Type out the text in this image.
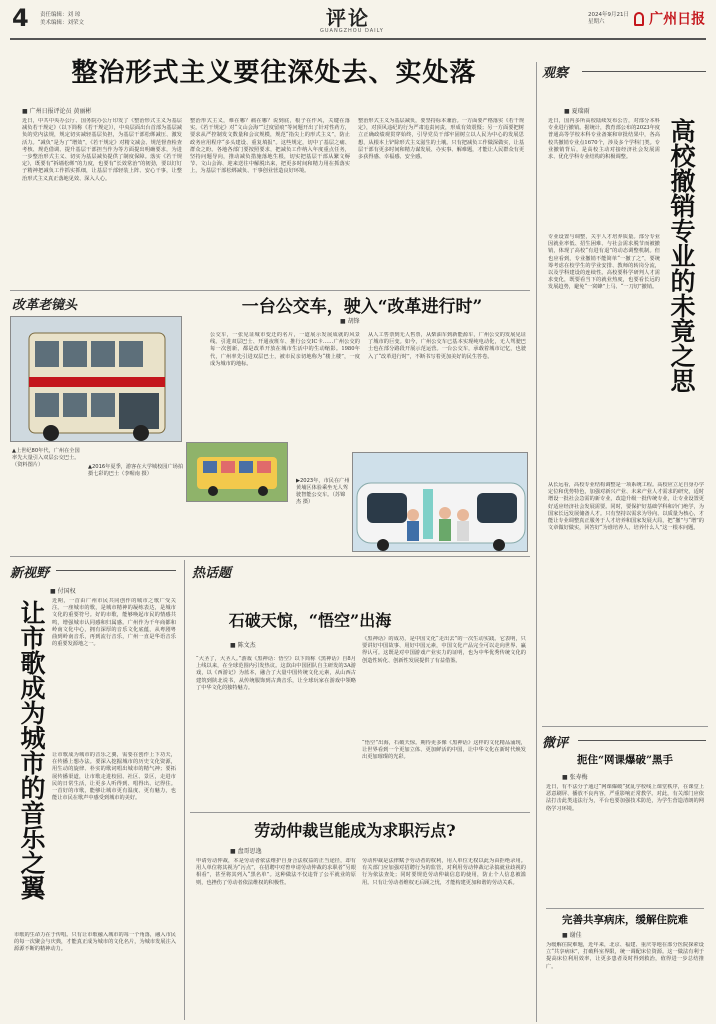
4 责任编辑：刘 琼
美术编辑：刘荣文	评论
GUANGZHOU DAILY
2024年9月21日 星期六	广州日报
整治形式主义要往深处去、实处落
■ 广州日报评论员 黄丽彬
近日，中共中央办公厅、国务院办公厅印发了《整治形式主义为基层减负若干规定》（以下简称《若干规定》），中央层面出台首部为基层减负的党内法规，规定切实减轻基层负担，为基层干部松绑减压、激发活力。“减负”是为了“增效”，《若干规定》对精文减会、规范督查检查考核、规范借调、提升基层干部担当作为等方面提出明确要求，为进一步整治形式主义、切实为基层减负提供了制度保障。落实《若干规定》，既要有“拆墙松绑”的力度，也要有“长效常治”的韧劲，要以钉钉子精神把减负工作抓实抓细，让基层干部轻装上阵、安心干事，让整治形式主义真正落地见效、深入人心。
整治形式主义，难在哪？痛在哪？说到底，根子在作风，关键在落实。《若干规定》对“文山会海”“过度留痕”等问题开出了针对性药方，要求从严控制发文数量和会议规模，规范“指尖上的形式主义”，防止政务应用程序“多头建设、重复填报”。这些规定，切中了基层之痛、群众之盼。各地各部门要按照要求，把减负工作纳入年度重点任务，坚持问题导向，推动减负措施落地生根，切实把基层干部从繁文缛节、文山会海、迎来送往中解脱出来，把更多时间和精力用在抓落实上，为基层干部松绑减负、干事创业营造良好环境。
整治形式主义为基层减负，要坚持标本兼治。一方面要严格落实《若干规定》，对顶风违纪的行为严肃追责问责，形成有效震慑；另一方面要把树立正确政绩观贯穿始终，引导党员干部牢固树立以人民为中心的发展思想，从根本上铲除形式主义滋生的土壤。只有把减负工作做深做实，让基层干部有更多时间和精力谋发展、办实事、解难题，才能让人民群众有更多获得感、幸福感、安全感。
观察
■ 夏瑞雨
近日，国内多所高校陆续发布公告，对部分本科专业进行撤销。据统计，教育部公布的2023年度普通高等学校本科专业备案和审批结果中，各高校共撤销专业点1670个，涉及多个学科门类。专业撤销背后，是高校主动对接经济社会发展需求、优化学科专业结构的积极调整。	高校撤销专业的未竟之思
专业设置与调整，关乎人才培养质量。部分专业因就业率低、招生困难、与社会需求脱节而被撤销，体现了高校“有进有退”的动态调整机制。但也应看到，专业撤销不能简单“一撤了之”，要统筹考虑在校学生的学业安排、教师的转岗分流，以及学科建设的连续性。高校要科学研判人才需求变化，既要看当下的就业热度，也要看长远的发展趋势，避免“一窝蜂”上马、“一刀切”撤销。
从长远看，高校专业结构调整是一项系统工程。高校应立足自身办学定位和优势特色，加强对新兴产业、未来产业人才需求的研究，适时增设一批社会急需的新专业，改造升级一批传统专业，让专业设置更好适应经济社会发展需要。同时，要保护好基础学科和冷门绝学，为国家长远发展储备人才。只有坚持以需求为导向、以质量为核心，才能让专业调整真正服务于人才培养和国家发展大局，把“撤”与“增”的文章做好做实，回答好“为谁培养人、培养什么人”这一根本问题。
改革老镜头	一台公交车，驶入“改革进行时”
■ 胡锋
▲上世纪80年代，广州在全国率先大量引入双层公交巴士。（资料图片）
公交车，一张见证城市变迁的名片，一道展示发展成就的风景线。引进双层巴士、开通夜班车、推行公交IC卡……广州公交的每一次创新，都是改革开放在城市生活中的生动缩影。1980年代，广州率先引进双层巴士，被市民亲切地称为“楼上楼”，一度成为城市的地标。
从人工售票到无人售票，从柴油车到新能源车，广州公交的发展见证了城市的巨变。如今，广州公交车已基本实现纯电动化，无人驾驶巴士也在部分路段开展示范运营。一台公交车，承载着城市记忆，也驶入了“改革进行时”，不断书写着更加美好的民生答卷。
▲2016年夏季，游客在大学城校园广场拍摄七彩的巴士（李喔南 摄）
▶2023年，市民在广州黄埔区体验乘坐无人驾驶智能公交车。（苏锦杰 摄）
新视野
■ 付国权
让市歌成为城市的音乐之翼 近期，一首由广州市民共同创作的城市之歌广受关注。一座城市的歌，是城市精神的凝练表达，是城市文化的重要符号。好的市歌，能够唤起市民的情感共鸣，增强城市认同感和归属感。广州作为千年商都和岭南文化中心，拥有深厚的音乐文化底蕴，从粤剧粤曲到岭南音乐，再到流行音乐，广州一直是华语音乐的重要发源地之一。
让市歌成为城市的音乐之翼，需要在创作上下功夫，在传播上想办法。要深入挖掘城市的历史文化资源，用生动的旋律、朴实的歌词唱出城市的精气神；要拓展传播渠道，让市歌走进校园、社区、景区，走进市民的日常生活，让更多人听得到、唱得出、记得住。一首好的市歌，能够让城市更有温度、更有魅力，也能让市民在歌声中感受到城市的美好。
市歌的生命力在于传唱。只有让市歌融入城市的每一个角落，融入市民的每一次聚会与庆典，才能真正成为城市的文化名片，为城市发展注入源源不断的精神动力。
热话题
石破天惊，“悟空”出海
■ 陈文杰
“大圣了，大圣人。”游戏《黑神话：悟空》以下简称《黑神话》自8月上线以来，在全球范围内引发热议。这款由中国团队自主研发的3A游戏，以《西游记》为蓝本，融合了大量中国传统文化元素，从山西古建筑到陕北说书，从传统服饰到古典音乐，让全球玩家在游戏中领略了中华文化的独特魅力。
《黑神话》的成功，是中国文化“走出去”的一次生动实践。它表明，只要讲好中国故事、用好中国元素，中国文化产品完全可以走向世界、赢得认可。这既是对中国游戏产业实力的证明，也为中华优秀传统文化的创造性转化、创新性发展提供了有益借鉴。
“悟空”出海，石破天惊。期待更多像《黑神话》这样的文化精品涌现，让世界看到一个更加立体、更加鲜活的中国，让中华文化在新时代焕发出更加璀璨的光彩。
劳动仲裁岂能成为求职污点?
■ 盘哥思逸
申请劳动仲裁，本是劳动者依法维护自身合法权益的正当途径，却有用人单位将其视为“污点”，在招聘中对曾申请劳动仲裁的求职者“另眼相看”，甚至将其列入“黑名单”。这种做法不仅违背了公平就业的原则，也挫伤了劳动者依法维权的积极性。
劳动仲裁是法律赋予劳动者的权利，用人单位无权以此为由拒绝录用。有关部门应加强对招聘行为的监管，对利用劳动仲裁记录搞就业歧视的行为依法查处；同时要规范劳动仲裁信息的使用，防止个人信息被滥用。只有让劳动者维权无后顾之忧，才能构建更加和谐的劳动关系。
微评
扼住“网课爆破”黑手
■ 张寿梅
近日，有不法分子通过“网课爆破”扰乱学校线上课堂秩序，在课堂上恶意刷屏、播放不良内容，严重影响正常教学。对此，有关部门应依法打击此类违法行为，平台也要加强技术防范，为学生营造清朗的网络学习环境。
完善共享病床，缓解住院难
■ 谢佳
为缓解住院难题，近年来，北京、福建、重庆等地在部分医院探索设立“共享病床”，打破科室界限，统一调配床位资源。这一做法有利于提高床位利用效率，让更多患者及时得到救治，值得进一步总结推广。
